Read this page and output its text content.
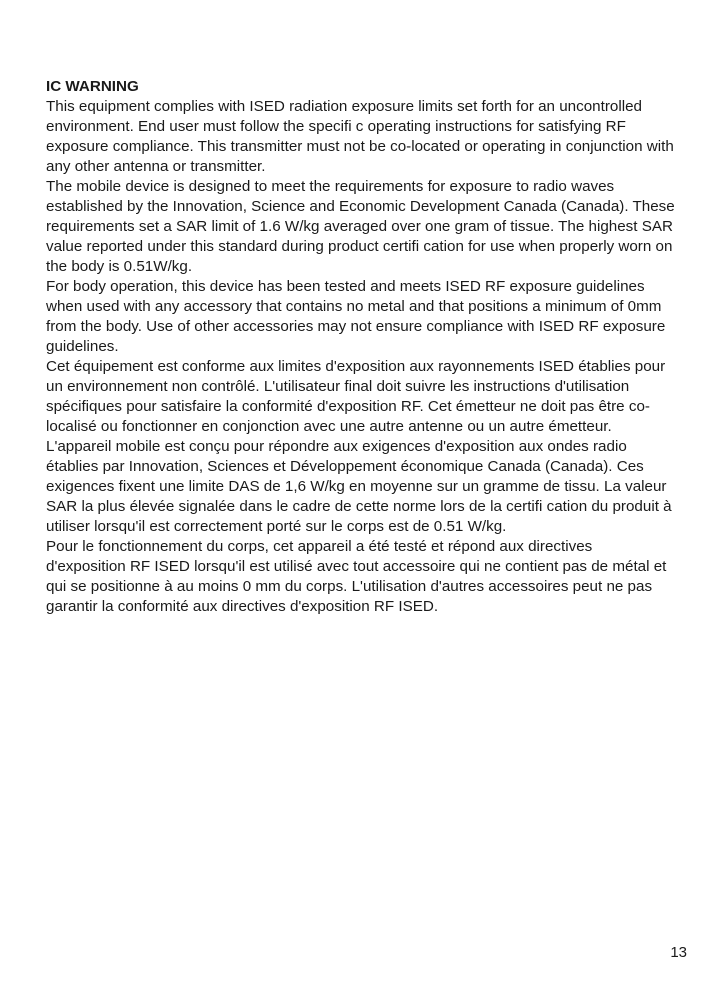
IC WARNING

This equipment complies with ISED radiation exposure limits set forth for an uncontrolled environment. End user must follow the specifi c operating instructions for satisfying RF exposure compliance. This transmitter must not be co-located or operating in conjunction with any other antenna or transmitter.

The mobile device is designed to meet the requirements for exposure to radio waves established by the Innovation, Science and Economic Development Canada (Canada). These requirements set a SAR limit of 1.6 W/kg averaged over one gram of tissue. The highest SAR value reported under this standard during product certifi cation for use when properly worn on the body is 0.51W/kg.

For body operation, this device has been tested and meets ISED RF exposure guidelines when used with any accessory that contains no metal and that positions a minimum of 0mm from the body. Use of other accessories may not ensure compliance with ISED RF exposure guidelines.

Cet équipement est conforme aux limites d'exposition aux rayonnements ISED établies pour un environnement non contrôlé. L'utilisateur final doit suivre les instructions d'utilisation spécifiques pour satisfaire la conformité d'exposition RF. Cet émetteur ne doit pas être co-localisé ou fonctionner en conjonction avec une autre antenne ou un autre émetteur.

L'appareil mobile est conçu pour répondre aux exigences d'exposition aux ondes radio établies par Innovation, Sciences et Développement économique Canada (Canada). Ces exigences fixent une limite DAS de 1,6 W/kg en moyenne sur un gramme de tissu. La valeur SAR la plus élevée signalée dans le cadre de cette norme lors de la certifi cation du produit à utiliser lorsqu'il est correctement porté sur le corps est de 0.51 W/kg.

Pour le fonctionnement du corps, cet appareil a été testé et répond aux directives d'exposition RF ISED lorsqu'il est utilisé avec tout accessoire qui ne contient pas de métal et qui se positionne à au moins 0 mm du corps. L'utilisation d'autres accessoires peut ne pas garantir la conformité aux directives d'exposition RF ISED.

13
